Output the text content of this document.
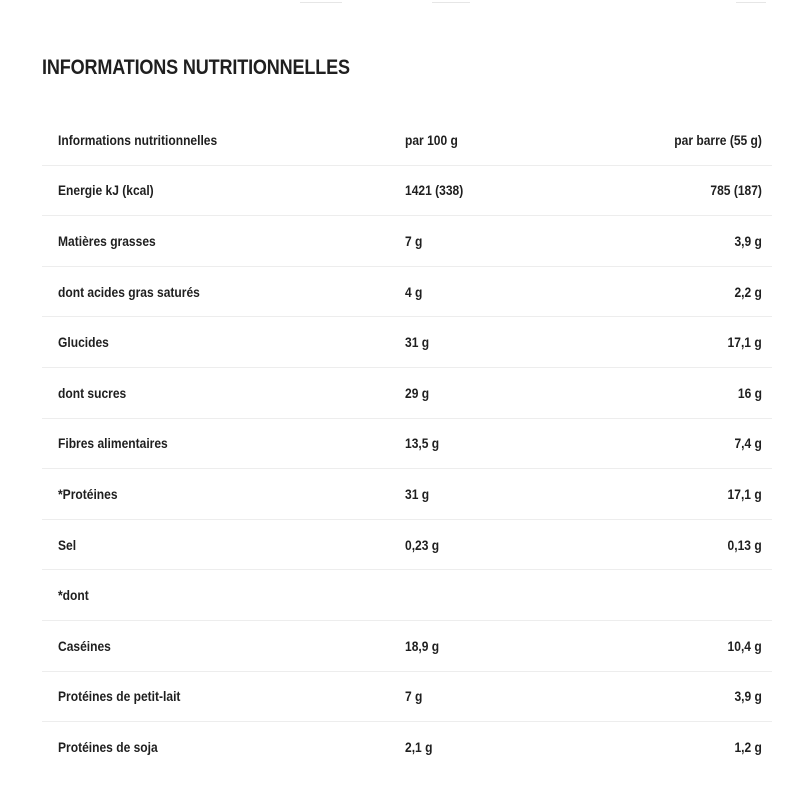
INFORMATIONS NUTRITIONNELLES
Informations nutritionnelles	par 100 g	par barre (55 g)
Energie kJ (kcal)	1421 (338)	785 (187)
Matières grasses	7 g	3,9 g
dont acides gras saturés	4 g	2,2 g
Glucides	31 g	17,1 g
dont sucres	29 g	16 g
Fibres alimentaires	13,5 g	7,4 g
*Protéines	31 g	17,1 g
Sel	0,23 g	0,13 g
*dont
Caséines	18,9 g	10,4 g
Protéines de petit-lait	7 g	3,9 g
Protéines de soja	2,1 g	1,2 g
